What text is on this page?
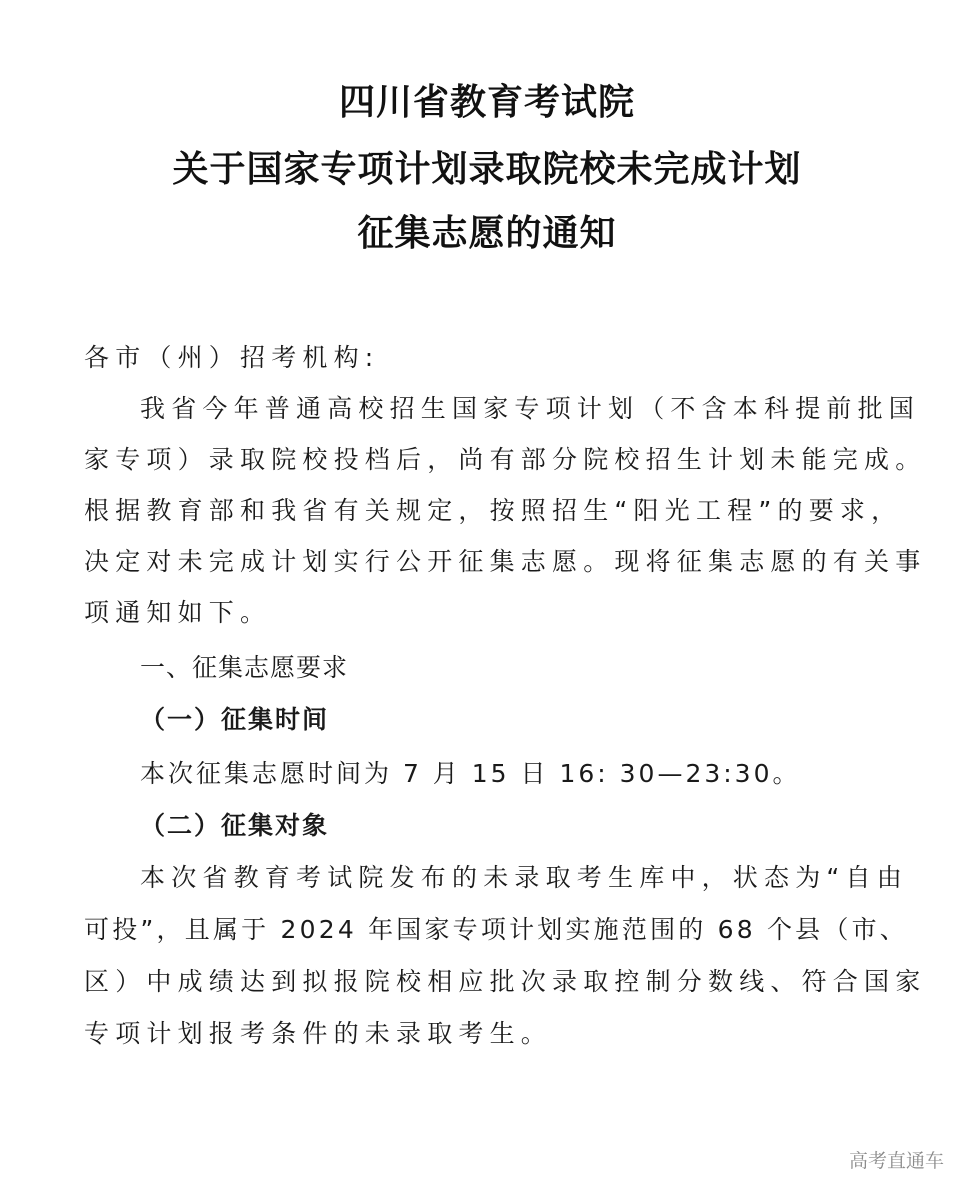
四川省教育考试院
关于国家专项计划录取院校未完成计划
征集志愿的通知
各市（州）招考机构:
我省今年普通高校招生国家专项计划（不含本科提前批国
家专项）录取院校投档后，尚有部分院校招生计划未能完成。
根据教育部和我省有关规定，按照招生“阳光工程”的要求，
决定对未完成计划实行公开征集志愿。现将征集志愿的有关事
项通知如下。
一、征集志愿要求
（一）征集时间
本次征集志愿时间为 7 月 15 日 16: 30—23:30。
（二）征集对象
本次省教育考试院发布的未录取考生库中，状态为“自由
可投”，且属于 2024 年国家专项计划实施范围的 68 个县（市、
区）中成绩达到拟报院校相应批次录取控制分数线、符合国家
专项计划报考条件的未录取考生。
高考直通车
